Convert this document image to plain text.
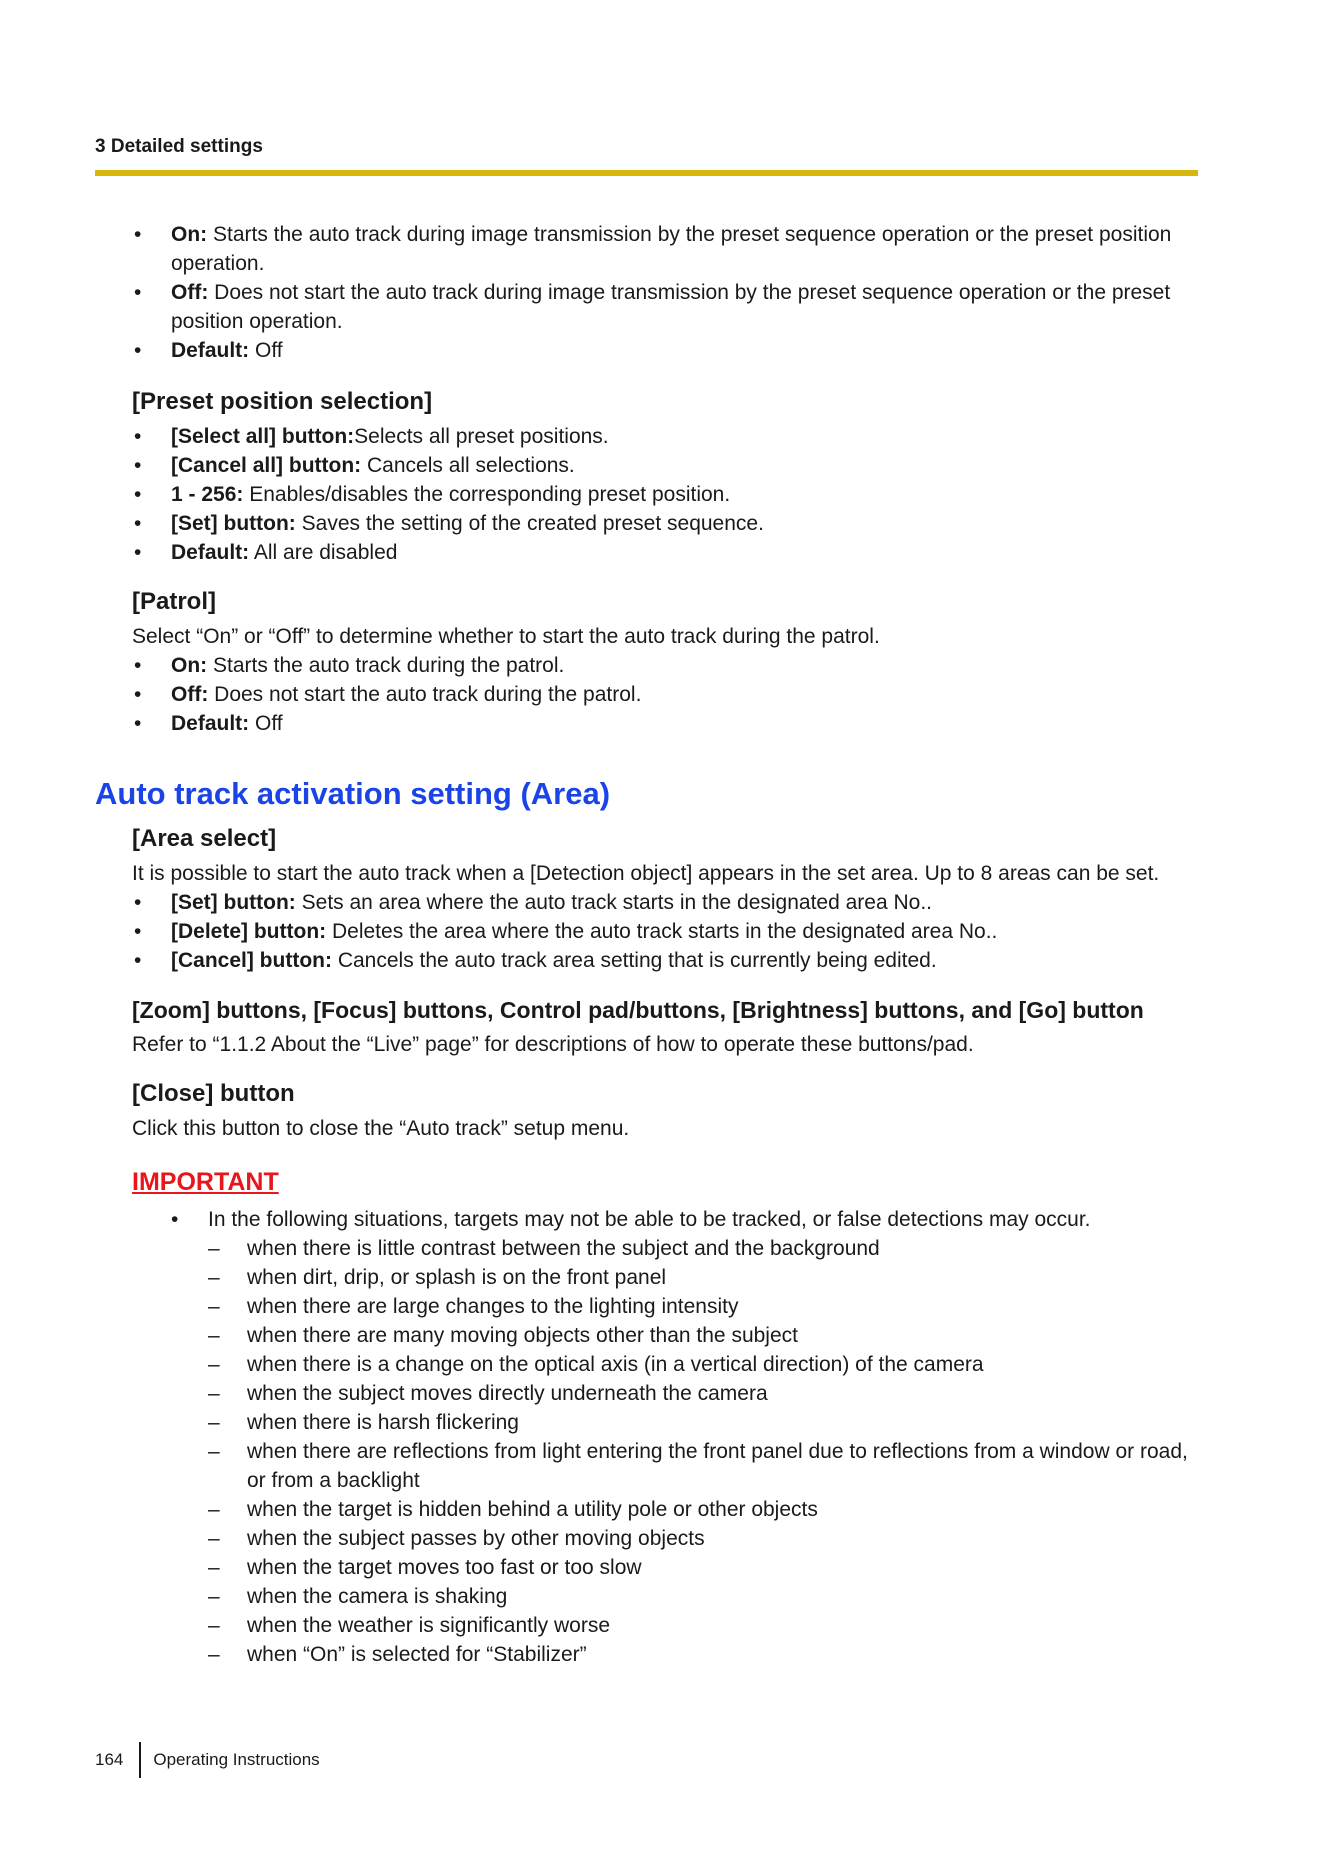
3 Detailed settings
• On: Starts the auto track during image transmission by the preset sequence operation or the preset position operation.
• Off: Does not start the auto track during image transmission by the preset sequence operation or the preset position operation.
• Default: Off
[Preset position selection]
• [Select all] button:Selects all preset positions.
• [Cancel all] button: Cancels all selections.
• 1 - 256: Enables/disables the corresponding preset position.
• [Set] button: Saves the setting of the created preset sequence.
• Default: All are disabled
[Patrol]

Select “On” or “Off” to determine whether to start the auto track during the patrol.

• On: Starts the auto track during the patrol.
• Off: Does not start the auto track during the patrol.
• Default: Off
Auto track activation setting (Area)
[Area select]

It is possible to start the auto track when a [Detection object] appears in the set area. Up to 8 areas can be set.

• [Set] button: Sets an area where the auto track starts in the designated area No..
• [Delete] button: Deletes the area where the auto track starts in the designated area No..
• [Cancel] button: Cancels the auto track area setting that is currently being edited.
[Zoom] buttons, [Focus] buttons, Control pad/buttons, [Brightness] buttons, and [Go] button

Refer to “1.1.2 About the “Live” page” for descriptions of how to operate these buttons/pad.

[Close] button

Click this button to close the “Auto track” setup menu.

IMPORTANT
• In the following situations, targets may not be able to be tracked, or false detections may occur.
– when there is little contrast between the subject and the background
– when dirt, drip, or splash is on the front panel
– when there are large changes to the lighting intensity
– when there are many moving objects other than the subject
– when there is a change on the optical axis (in a vertical direction) of the camera
– when the subject moves directly underneath the camera
– when there is harsh flickering
– when there are reflections from light entering the front panel due to reflections from a window or road, or from a backlight
– when the target is hidden behind a utility pole or other objects
– when the subject passes by other moving objects
– when the target moves too fast or too slow
– when the camera is shaking
– when the weather is significantly worse
– when “On” is selected for “Stabilizer”
164 Operating Instructions
